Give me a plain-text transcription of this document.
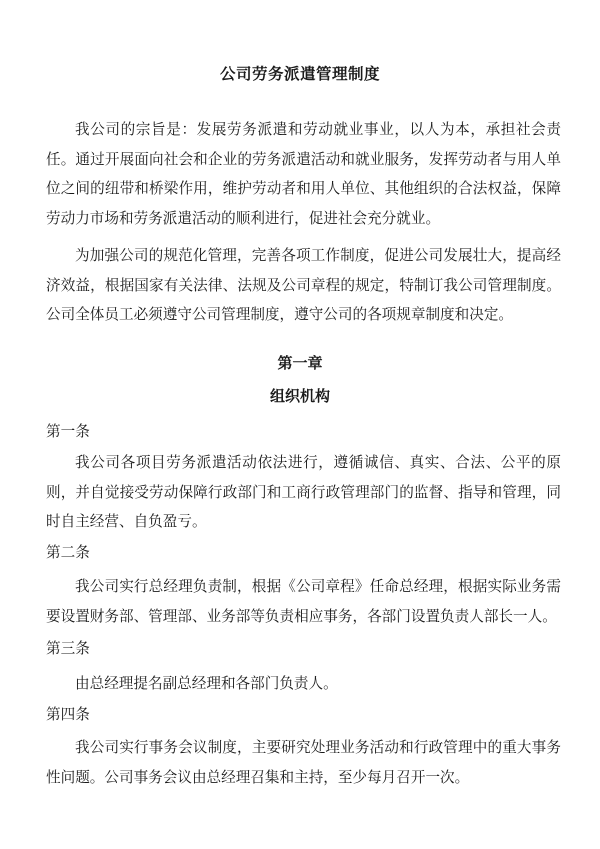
公司劳务派遣管理制度

我公司的宗旨是：发展劳务派遣和劳动就业事业，以人为本，承担社会责任。通过开展面向社会和企业的劳务派遣活动和就业服务，发挥劳动者与用人单位之间的纽带和桥梁作用，维护劳动者和用人单位、其他组织的合法权益，保障劳动力市场和劳务派遣活动的顺利进行，促进社会充分就业。

为加强公司的规范化管理，完善各项工作制度，促进公司发展壮大，提高经济效益，根据国家有关法律、法规及公司章程的规定，特制订我公司管理制度。公司全体员工必须遵守公司管理制度，遵守公司的各项规章制度和决定。

第一章
组织机构
第一条

我公司各项目劳务派遣活动依法进行，遵循诚信、真实、合法、公平的原则，并自觉接受劳动保障行政部门和工商行政管理部门的监督、指导和管理，同时自主经营、自负盈亏。

第二条

我公司实行总经理负责制，根据《公司章程》任命总经理，根据实际业务需要设置财务部、管理部、业务部等负责相应事务，各部门设置负责人部长一人。

第三条

由总经理提名副总经理和各部门负责人。

第四条

我公司实行事务会议制度，主要研究处理业务活动和行政管理中的重大事务性问题。公司事务会议由总经理召集和主持，至少每月召开一次。
